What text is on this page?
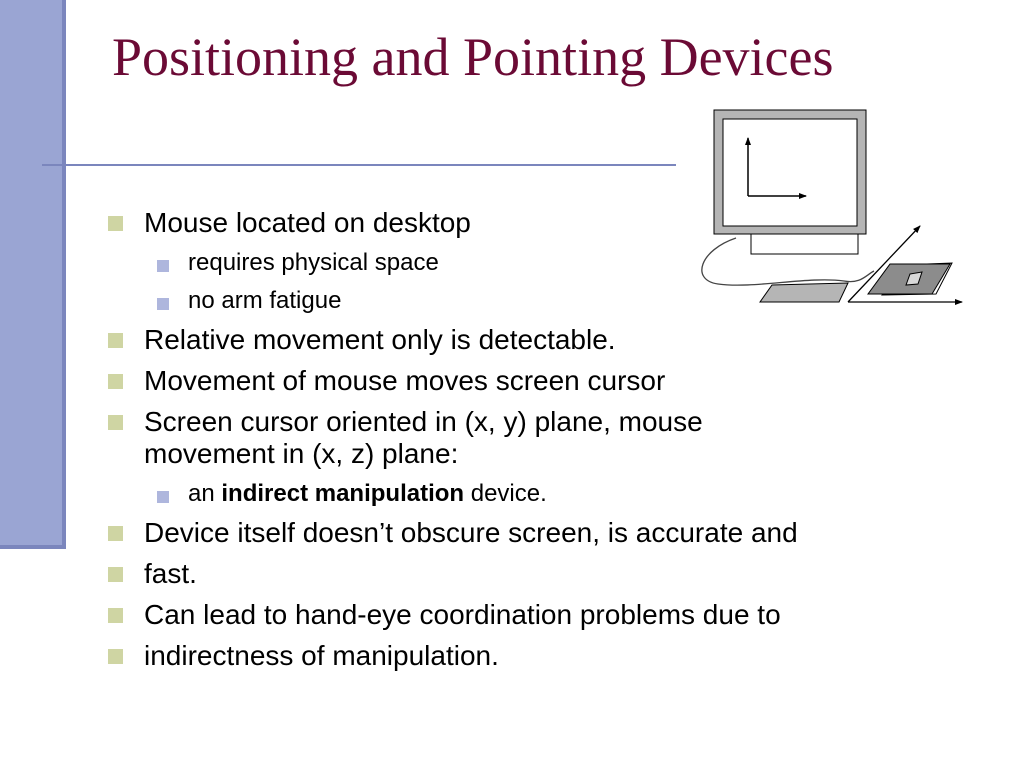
Positioning and Pointing Devices
Mouse located on desktop
requires physical space
no arm fatigue
Relative movement only is detectable.
Movement of mouse moves screen cursor
Screen cursor oriented in (x, y) plane, mouse
movement in (x, z) plane:
an indirect manipulation device.
Device itself doesn’t obscure screen, is accurate and
fast.
Can lead to hand-eye coordination problems due to
indirectness of manipulation.
